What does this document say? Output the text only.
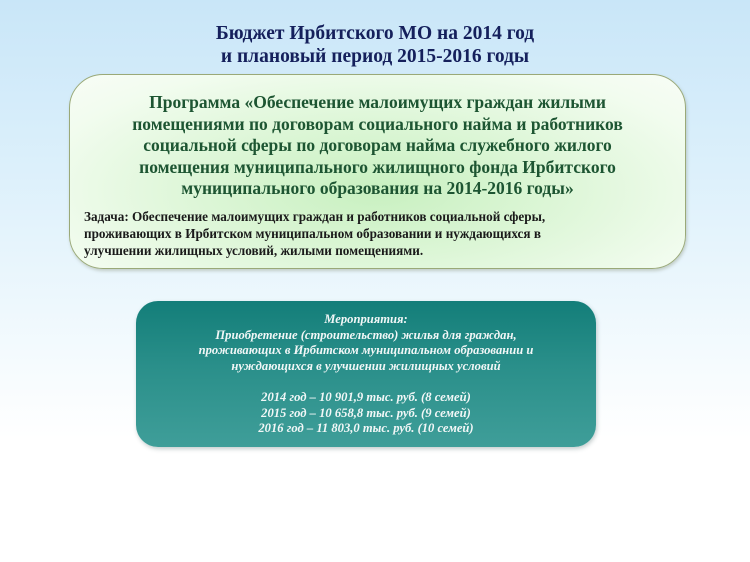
Бюджет Ирбитского МО на 2014 год
и плановый период 2015-2016 годы
Программа «Обеспечение малоимущих граждан жилыми
помещениями по договорам социального найма и работников
социальной сферы по договорам найма служебного жилого
помещения муниципального жилищного фонда Ирбитского
муниципального образования на 2014-2016 годы»
Задача: Обеспечение малоимущих граждан и работников социальной сферы,
проживающих в Ирбитском муниципальном образовании и нуждающихся в
улучшении жилищных условий, жилыми помещениями.
Мероприятия:
Приобретение (строительство) жилья для граждан,
проживающих в Ирбитском муниципальном образовании и
нуждающихся в улучшении жилищных условий
2014 год – 10 901,9 тыс. руб. (8 семей)
2015 год – 10 658,8 тыс. руб. (9 семей)
2016 год – 11 803,0 тыс. руб. (10 семей)
